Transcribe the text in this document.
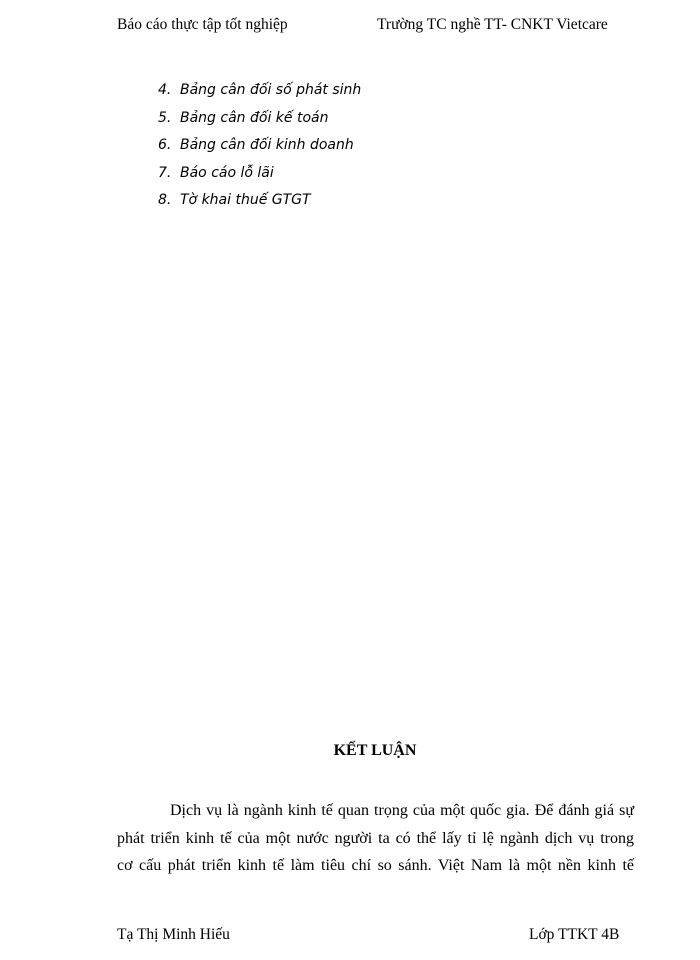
Báo cáo thực tập tốt nghiệp	Trường TC nghề TT- CNKT Vietcare
4. Bảng cân đối số phát sinh
5. Bảng cân đối kế toán
6. Bảng cân đối kinh doanh
7. Báo cáo lỗ lãi
8. Tờ khai thuế GTGT
KẾT LUẬN
Dịch vụ là ngành kinh tế quan trọng của một quốc gia. Để đánh giá sự
phát triển kinh tế của một nước người ta có thể lấy tỉ lệ ngành dịch vụ trong
cơ cấu phát triển kinh tế làm tiêu chí so sánh. Việt Nam là một nền kinh tế
Tạ Thị Minh Hiếu	Lớp TTKT 4B
